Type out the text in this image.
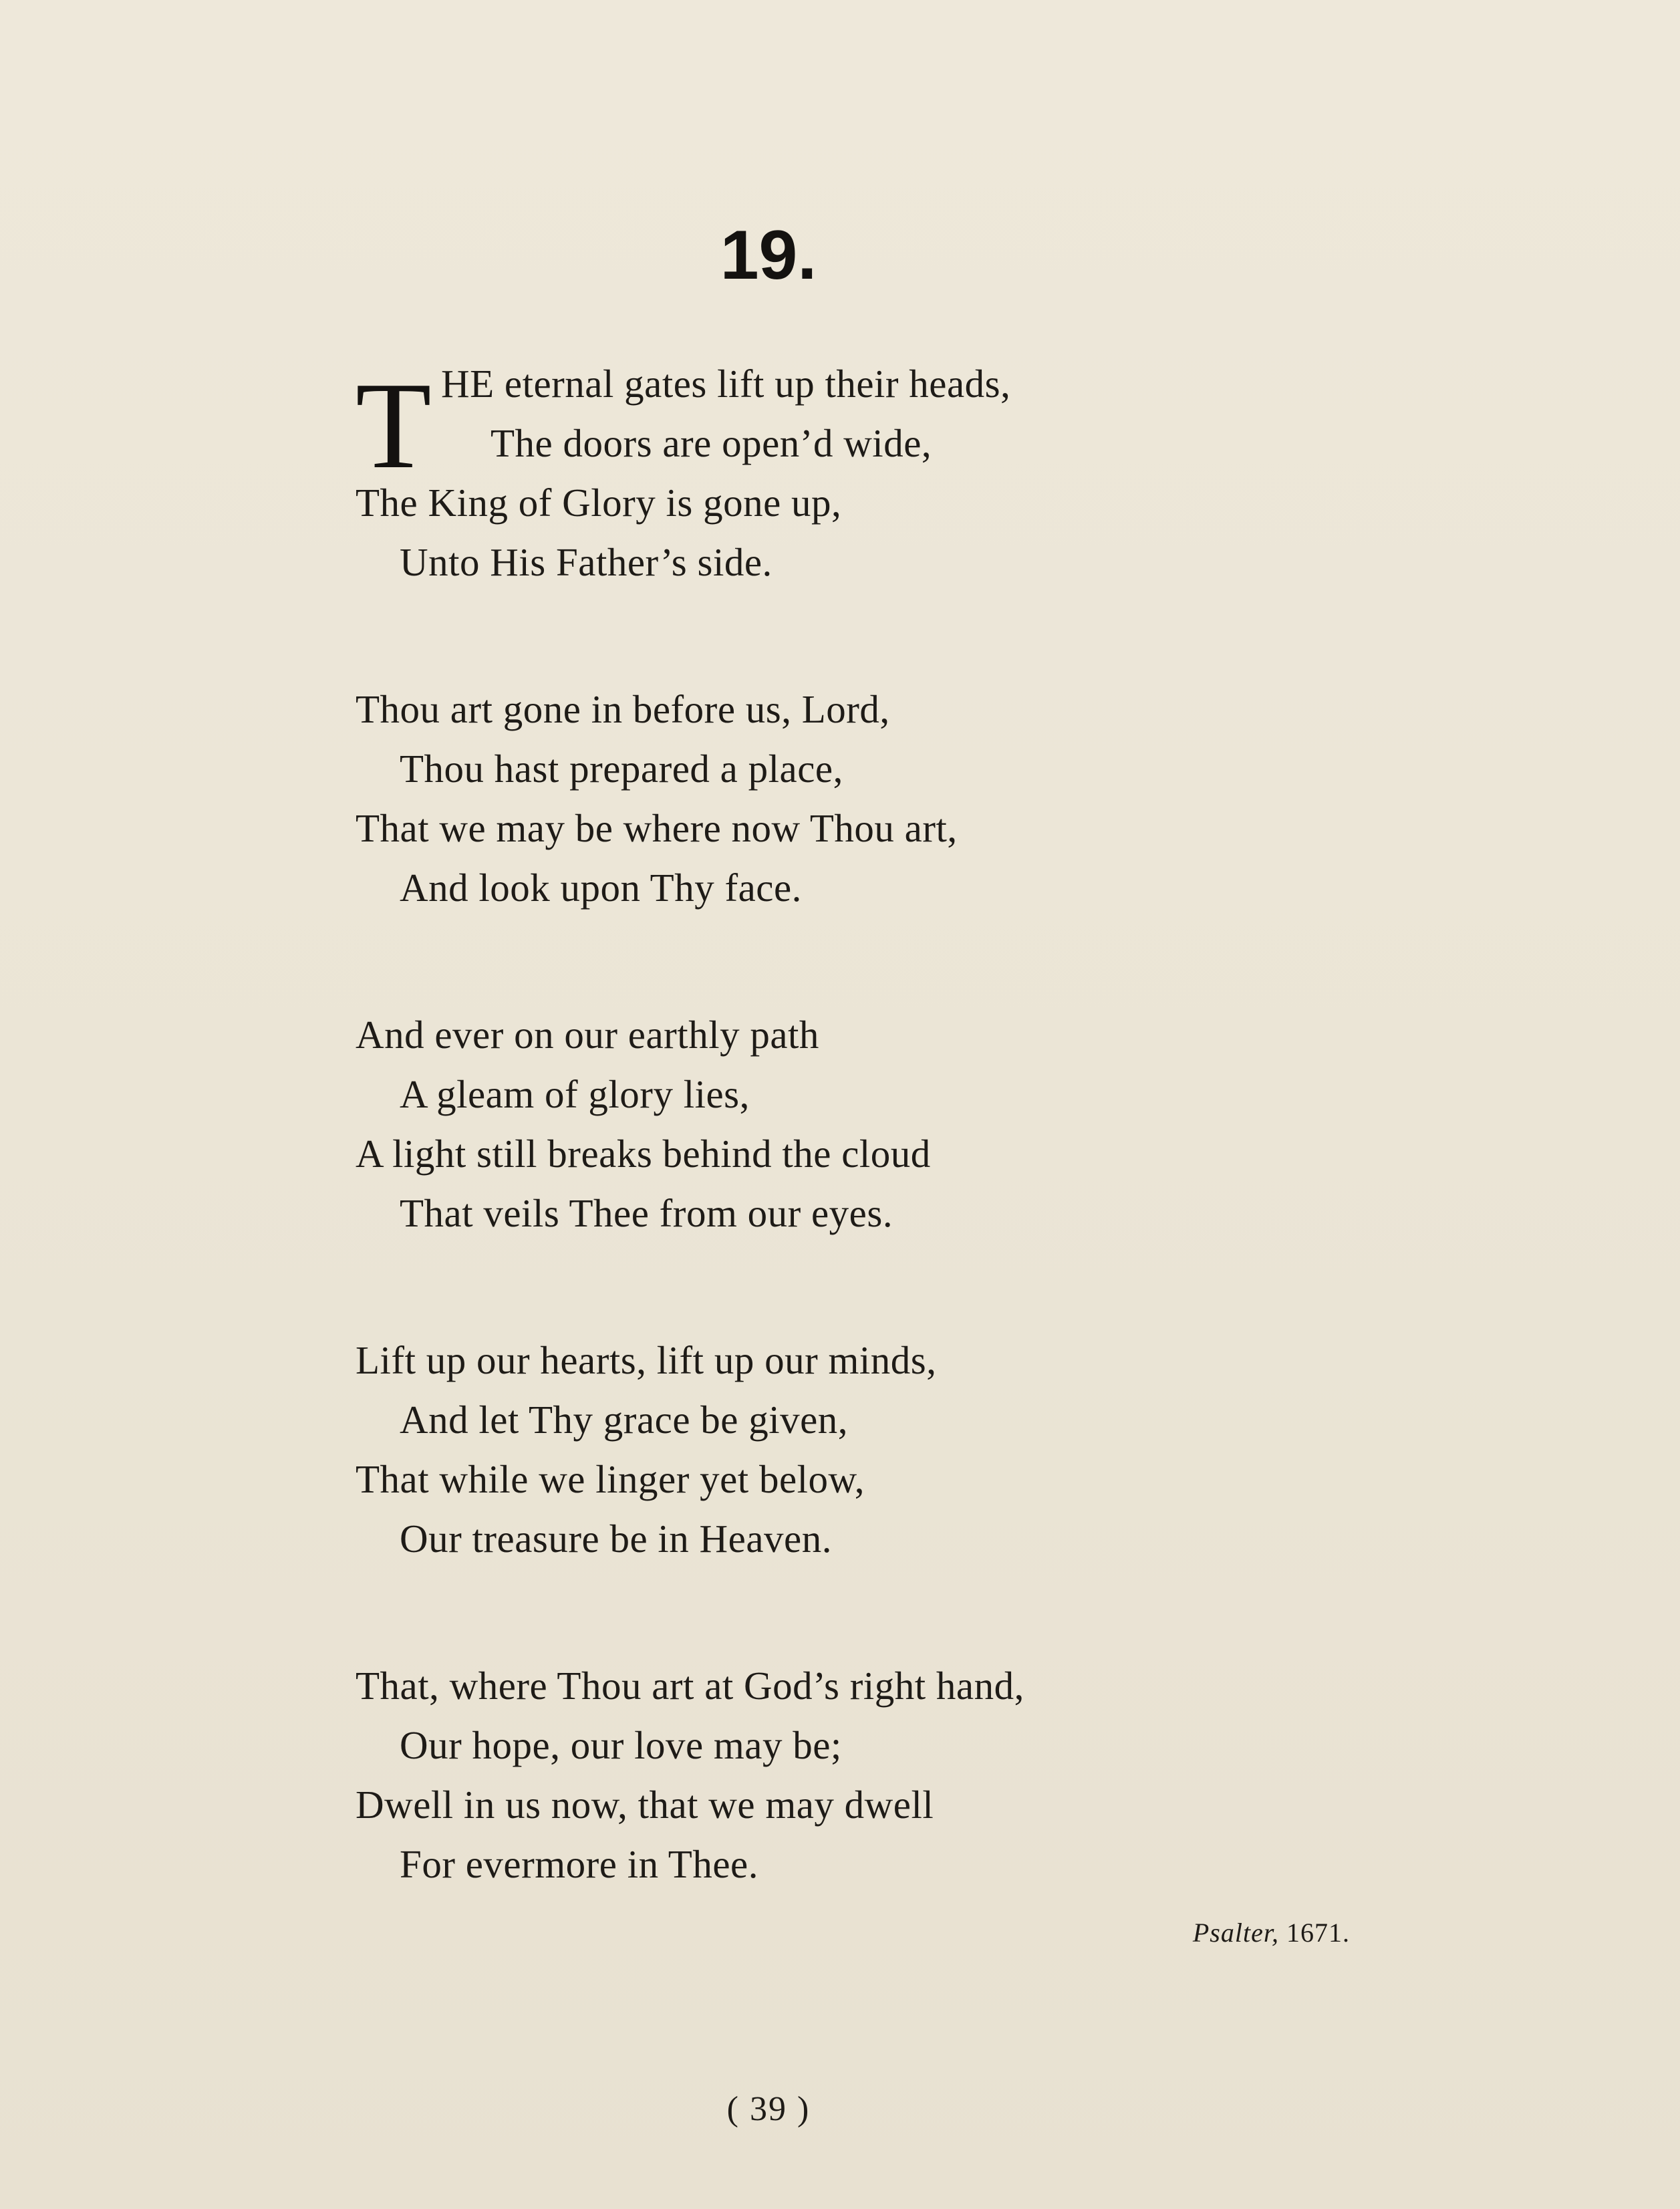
19.
T HE eternal gates lift up their heads,
The doors are open’d wide,
The King of Glory is gone up,
Unto His Father’s side.
Thou art gone in before us, Lord,
Thou hast prepared a place,
That we may be where now Thou art,
And look upon Thy face.
And ever on our earthly path
A gleam of glory lies,
A light still breaks behind the cloud
That veils Thee from our eyes.
Lift up our hearts, lift up our minds,
And let Thy grace be given,
That while we linger yet below,
Our treasure be in Heaven.
That, where Thou art at God’s right hand,
Our hope, our love may be;
Dwell in us now, that we may dwell
For evermore in Thee.
Psalter, 1671.
( 39 )
